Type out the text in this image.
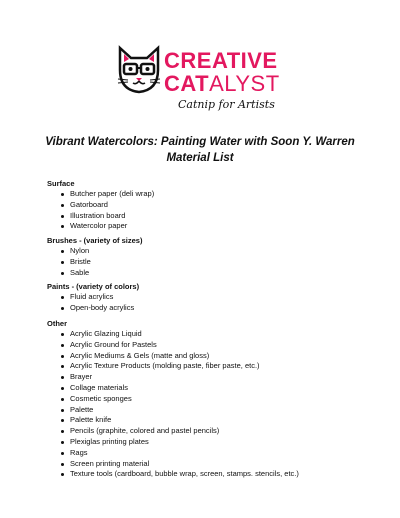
CREATIVE
CATALYST
Catnip for Artists
Vibrant Watercolors: Painting Water with Soon Y. Warren
Material List
Surface
Butcher paper (deli wrap)
Gatorboard
Illustration board
Watercolor paper
Brushes - (variety of sizes)
Nylon
Bristle
Sable
Paints - (variety of colors)
Fluid acrylics
Open-body acrylics
Other
Acrylic Glazing Liquid
Acrylic Ground for Pastels
Acrylic Mediums & Gels (matte and gloss)
Acrylic Texture Products (molding paste, fiber paste, etc.)
Brayer
Collage materials
Cosmetic sponges
Palette
Palette knife
Pencils (graphite, colored and pastel pencils)
Plexiglas printing plates
Rags
Screen printing material
Texture tools (cardboard, bubble wrap, screen, stamps. stencils, etc.)
